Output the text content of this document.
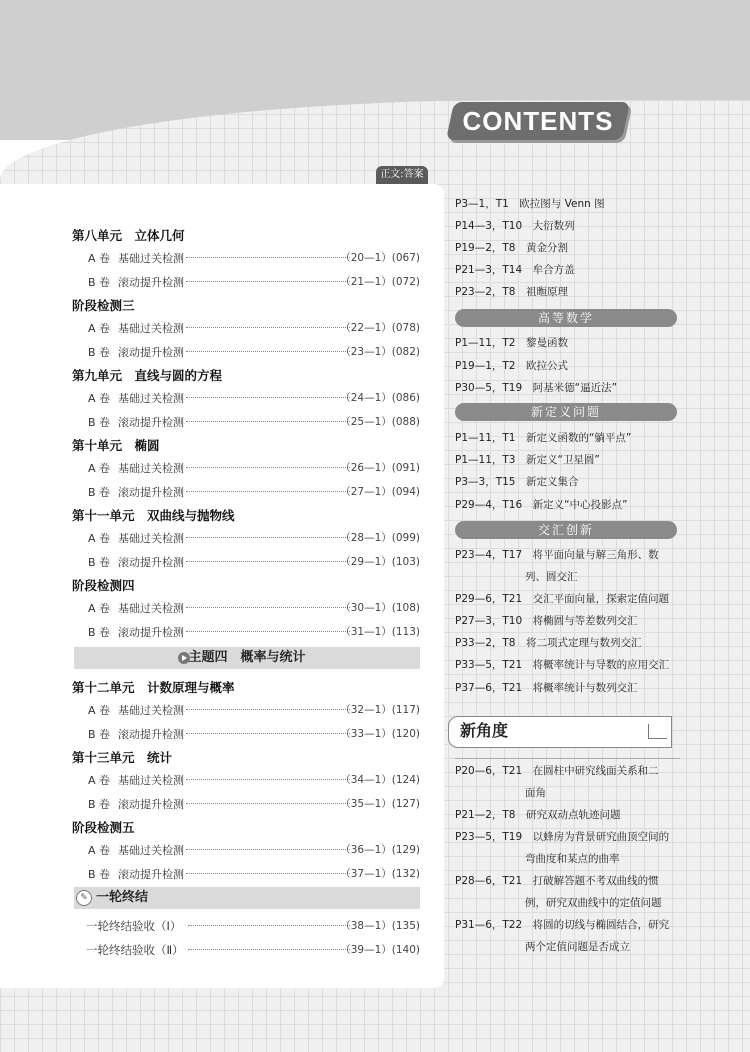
CONTENTS
正文:答案
第八单元　立体几何
A 卷 基础过关检测	（20—1）(067)
B 卷 滚动提升检测	（21—1）(072)
阶段检测三
A 卷 基础过关检测	（22—1）(078)
B 卷 滚动提升检测	（23—1）(082)
第九单元　直线与圆的方程
A 卷 基础过关检测	（24—1）(086)
B 卷 滚动提升检测	（25—1）(088)
第十单元　椭圆
A 卷 基础过关检测	（26—1）(091)
B 卷 滚动提升检测	（27—1）(094)
第十一单元　双曲线与抛物线
A 卷 基础过关检测	（28—1）(099)
B 卷 滚动提升检测	（29—1）(103)
阶段检测四
A 卷 基础过关检测	（30—1）(108)
B 卷 滚动提升检测	（31—1）(113)
主题四　概率与统计
第十二单元　计数原理与概率
A 卷 基础过关检测	（32—1）(117)
B 卷 滚动提升检测	（33—1）(120)
第十三单元　统计
A 卷 基础过关检测	（34—1）(124)
B 卷 滚动提升检测	（35—1）(127)
阶段检测五
A 卷 基础过关检测	（36—1）(129)
B 卷 滚动提升检测	（37—1）(132)
✎ 一轮终结
一轮终结验收（Ⅰ）	（38—1）(135)
一轮终结验收（Ⅱ）	（39—1）(140)
P3—1，T1　欧拉图与 Venn 图
P14—3，T10　大衍数列
P19—2，T8　黄金分割
P21—3，T14　牟合方盖
P23—2，T8　祖暅原理
高等数学
P1—11，T2　黎曼函数
P19—1，T2　欧拉公式
P30—5，T19　阿基米德“逼近法”
新定义问题
P1—11，T1　新定义函数的“躺平点”
P1—11，T3　新定义“卫星圆”
P3—3，T15　新定义集合
P29—4，T16　新定义“中心投影点”
交汇创新
P23—4，T17　将平面向量与解三角形、数
列、圆交汇
P29—6，T21　交汇平面向量，探索定值问题
P27—3，T10　将椭圆与等差数列交汇
P33—2，T8　将二项式定理与数列交汇
P33—5，T21　将概率统计与导数的应用交汇
P37—6，T21　将概率统计与数列交汇
新角度
P20—6，T21　在圆柱中研究线面关系和二
面角
P21—2，T8　研究双动点轨迹问题
P23—5，T19　以蜂房为背景研究曲顶空间的
弯曲度和某点的曲率
P28—6，T21　打破解答题不考双曲线的惯
例，研究双曲线中的定值问题
P31—6，T22　将圆的切线与椭圆结合，研究
两个定值问题是否成立
